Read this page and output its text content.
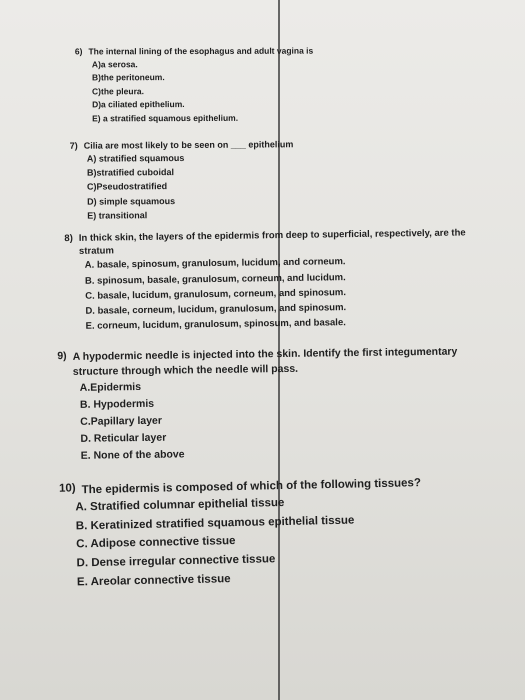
6) The internal lining of the esophagus and adult vagina is
A)a serosa.
B)the peritoneum.
C)the pleura.
D)a ciliated epithelium.
E) a stratified squamous epithelium.
7) Cilia are most likely to be seen on ___ epithelium
A) stratified squamous
B)stratified cuboidal
C)Pseudostratified
D) simple squamous
E) transitional
8) In thick skin, the layers of the epidermis from deep to superficial, respectively, are the stratum
A. basale, spinosum, granulosum, lucidum, and corneum.
B. spinosum, basale, granulosum, corneum, and lucidum.
C. basale, lucidum, granulosum, corneum, and spinosum.
D. basale, corneum, lucidum, granulosum, and spinosum.
E. corneum, lucidum, granulosum, spinosum, and basale.
9) A hypodermic needle is injected into the skin. Identify the first integumentary structure through which the needle will pass.
A.Epidermis
B. Hypodermis
C.Papillary layer
D. Reticular layer
E. None of the above
10) The epidermis is composed of which of the following tissues?
A. Stratified columnar epithelial tissue
B. Keratinized stratified squamous epithelial tissue
C. Adipose connective tissue
D. Dense irregular connective tissue
E. Areolar connective tissue
